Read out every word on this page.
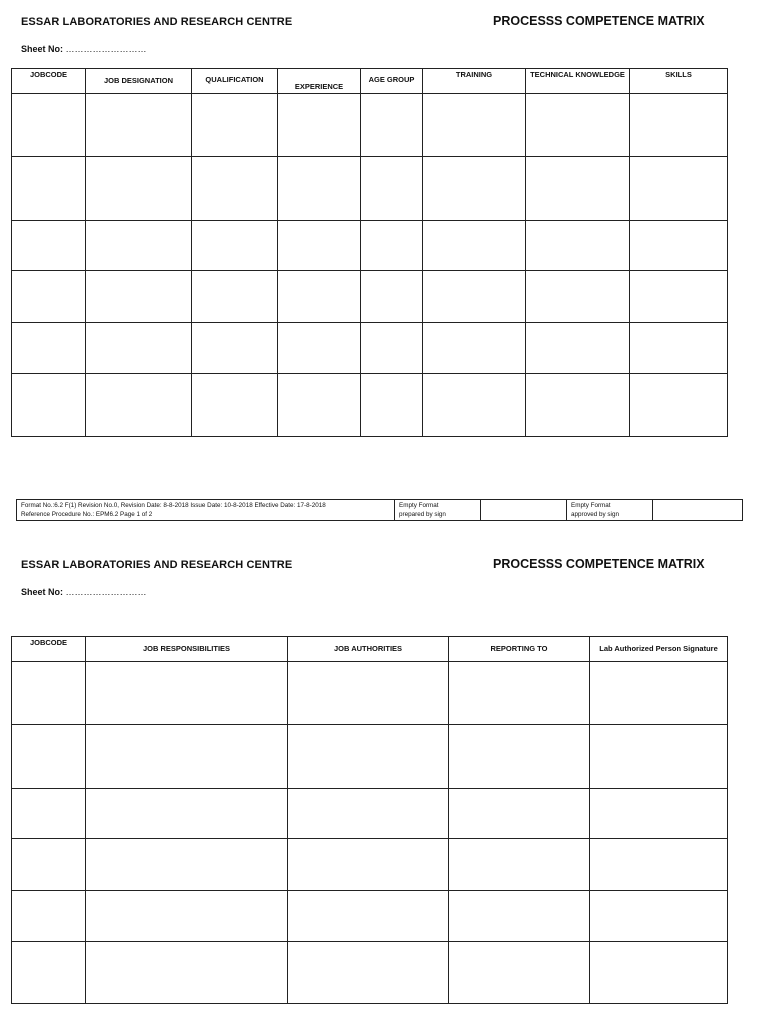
ESSAR LABORATORIES AND RESEARCH CENTRE	PROCESSS COMPETENCE MATRIX
Sheet No: ………………………
JOBCODE	JOB DESIGNATION	QUALIFICATION	EXPERIENCE	AGE GROUP	TRAINING	TECHNICAL KNOWLEDGE	SKILLS

Format No.:6.2 F(1) Revision No.0, Revision Date: 8-8-2018 Issue Date: 10-8-2018 Effective Date: 17-8-2018
Reference Procedure No.: EPM6.2 Page 1 of 2

Empty Format
prepared by sign

Empty Format
approved by sign

ESSAR LABORATORIES AND RESEARCH CENTRE	PROCESSS COMPETENCE MATRIX
Sheet No: ………………………
JOBCODE	JOB RESPONSIBILITIES	JOB AUTHORITIES	REPORTING TO	Lab Authorized Person Signature
